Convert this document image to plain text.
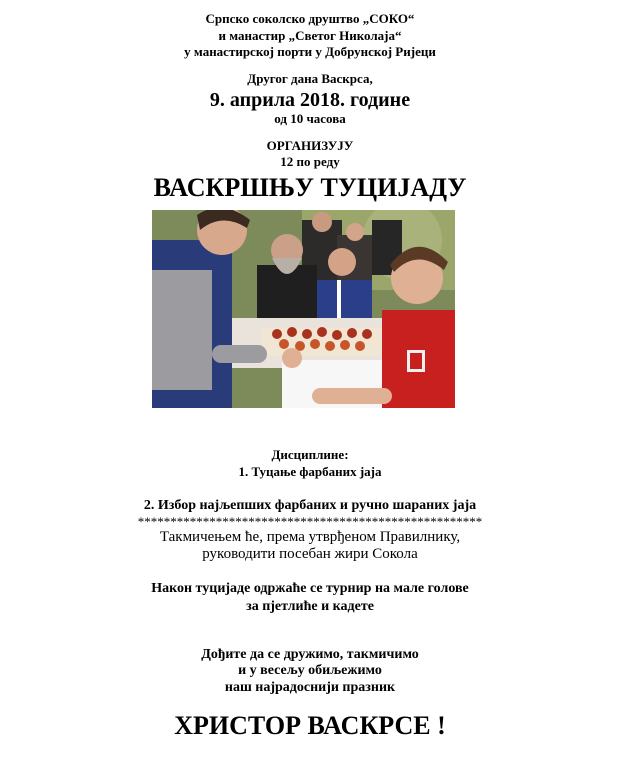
Српско соколско друштво „СОКО“
и манастир „Светог Николаја“
у манастирској порти у Добрунској Ријеци
Другог дана Васкрса,
9. априла 2018. године
од 10 часова
ОРГАНИЗУЈУ
12 по реду
ВАСКРШЊУ ТУЦИЈАДУ
Дисциплине:
1. Туцање фарбаних јаја
2. Избор најљепших фарбаних и ручно шараних јаја
*****************************************************
Такмичењем ће, према утврђеном Правилнику,
руководити посебан жири Сокола
Након туцијаде одржаће се турнир на мале голове
за пјетлиће и кадете
Дођите да се дружимо, такмичимо
и у весељу обиљежимо
наш најрадоснији празник
ХРИСТОР ВАСКРСЕ !
